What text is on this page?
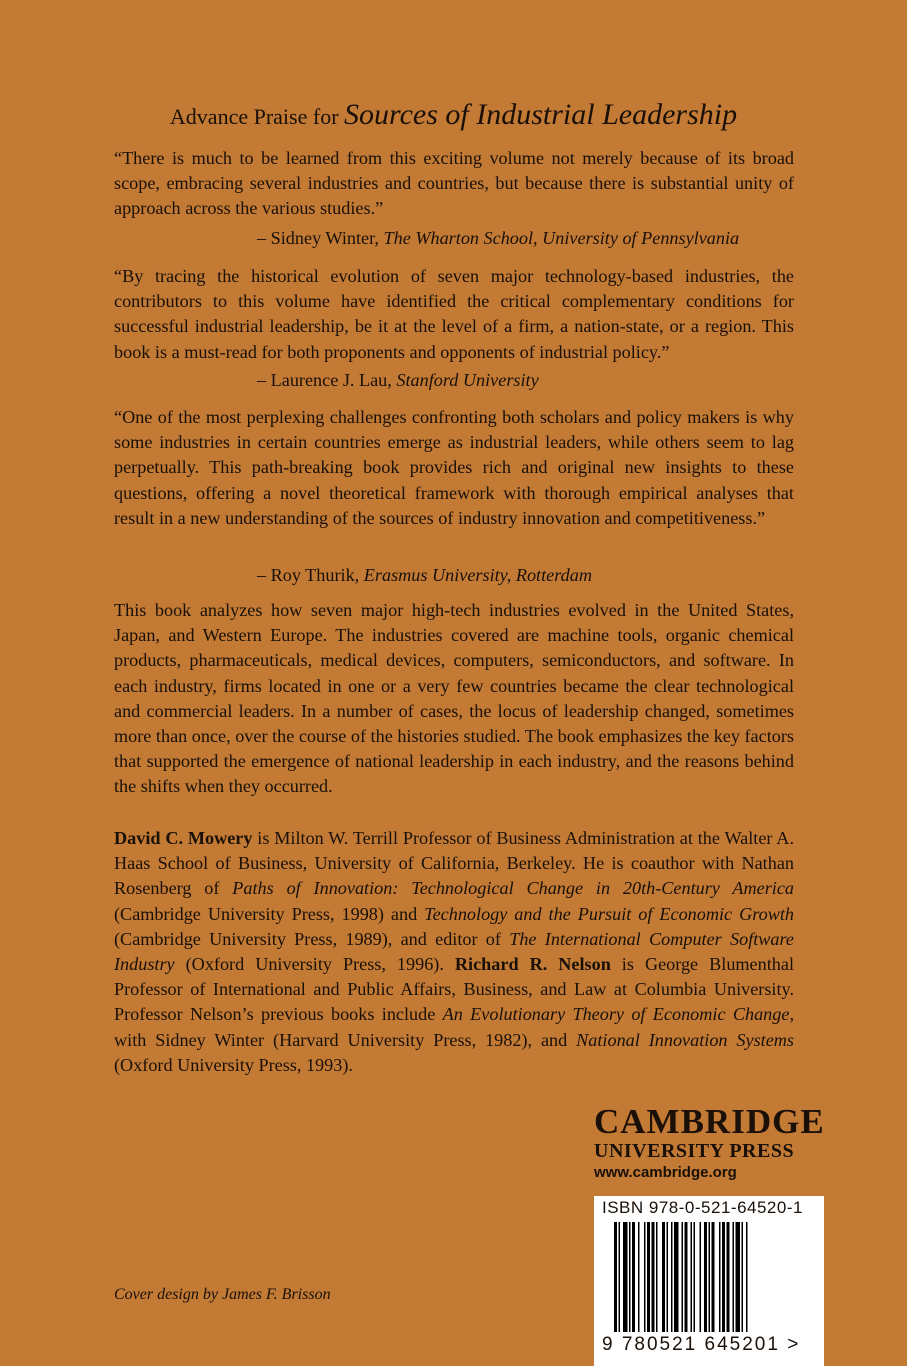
Advance Praise for Sources of Industrial Leadership

“There is much to be learned from this exciting volume not merely because of its broad scope, embracing several industries and countries, but because there is substantial unity of approach across the various studies.”

– Sidney Winter, The Wharton School, University of Pennsylvania

“By tracing the historical evolution of seven major technology-based industries, the contributors to this volume have identified the critical complementary conditions for successful industrial leadership, be it at the level of a firm, a nation-state, or a region. This book is a must-read for both proponents and opponents of industrial policy.”

– Laurence J. Lau, Stanford University

“One of the most perplexing challenges confronting both scholars and policy makers is why some industries in certain countries emerge as industrial leaders, while others seem to lag perpetually. This path-breaking book provides rich and original new insights to these questions, offering a novel theoretical framework with thorough empirical analyses that result in a new understanding of the sources of industry innovation and competitiveness.”

– Roy Thurik, Erasmus University, Rotterdam

This book analyzes how seven major high-tech industries evolved in the United States, Japan, and Western Europe. The industries covered are machine tools, organic chemical products, pharmaceuticals, medical devices, computers, semiconductors, and software. In each industry, firms located in one or a very few countries became the clear technological and commercial leaders. In a number of cases, the locus of leadership changed, sometimes more than once, over the course of the histories studied. The book emphasizes the key factors that supported the emergence of national leadership in each industry, and the reasons behind the shifts when they occurred.

David C. Mowery is Milton W. Terrill Professor of Business Administration at the Walter A. Haas School of Business, University of California, Berkeley. He is coauthor with Nathan Rosenberg of Paths of Innovation: Technological Change in 20th-Century America (Cambridge University Press, 1998) and Technology and the Pursuit of Economic Growth (Cambridge University Press, 1989), and editor of The International Computer Software Industry (Oxford University Press, 1996). Richard R. Nelson is George Blumenthal Professor of International and Public Affairs, Business, and Law at Columbia University. Professor Nelson’s previous books include An Evolutionary Theory of Economic Change, with Sidney Winter (Harvard University Press, 1982), and National Innovation Systems (Oxford University Press, 1993).

CAMBRIDGE
UNIVERSITY PRESS
www.cambridge.org
ISBN 978-0-521-64520-1
9 780521 645201 >
Cover design by James F. Brisson
